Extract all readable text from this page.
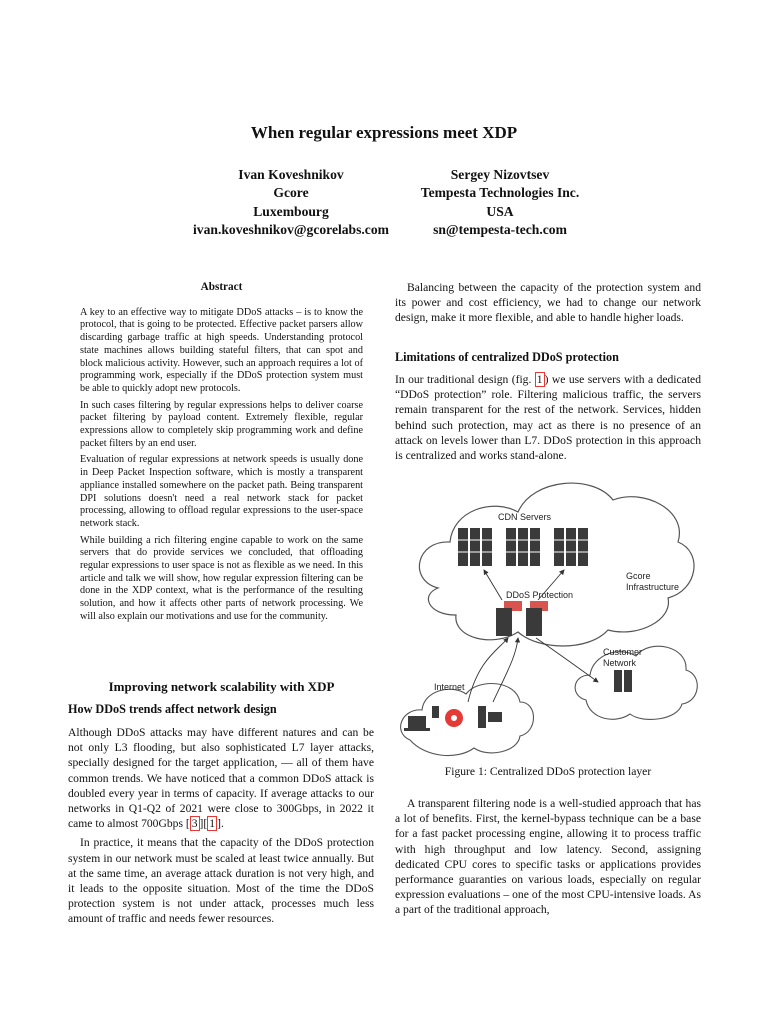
When regular expressions meet XDP
Ivan Koveshnikov
Gcore
Luxembourg
ivan.koveshnikov@gcorelabs.com
Sergey Nizovtsev
Tempesta Technologies Inc.
USA
sn@tempesta-tech.com
Abstract

A key to an effective way to mitigate DDoS attacks – is to know the protocol, that is going to be protected. Effective packet parsers allow discarding garbage traffic at high speeds. Understanding protocol state machines allows building stateful filters, that can spot and block malicious activity. However, such an approach requires a lot of programming work, especially if the DDoS protection system must be able to quickly adopt new protocols.

In such cases filtering by regular expressions helps to deliver coarse packet filtering by payload content. Extremely flexible, regular expressions allow to completely skip programming work and define packet filters by an end user.

Evaluation of regular expressions at network speeds is usually done in Deep Packet Inspection software, which is mostly a transparent appliance installed somewhere on the packet path. Being transparent DPI solutions doesn't need a real network stack for packet processing, allowing to offload regular expressions to the user-space network stack.

While building a rich filtering engine capable to work on the same servers that do provide services we concluded, that offloading regular expressions to user space is not as flexible as we need. In this article and talk we will show, how regular expression filtering can be done in the XDP context, what is the performance of the resulting solution, and how it affects other parts of network processing. We will also explain our motivations and use for the community.

Improving network scalability with XDP
How DDoS trends affect network design

Although DDoS attacks may have different natures and can be not only L3 flooding, but also sophisticated L7 layer attacks, specially designed for the target application, — all of them have common trends. We have noticed that a common DDoS attack is doubled every year in terms of capacity. If average attacks to our networks in Q1-Q2 of 2021 were close to 300Gbps, in 2022 it came to almost 700Gbps [ 3 ][ 1 ].

In practice, it means that the capacity of the DDoS protection system in our network must be scaled at least twice annually. But at the same time, an average attack duration is not very high, and it leads to the opposite situation. Most of the time the DDoS protection system is not under attack, processes much less amount of traffic and needs fewer resources.

Balancing between the capacity of the protection system and its power and cost efficiency, we had to change our network design, make it more flexible, and able to handle higher loads.

Limitations of centralized DDoS protection

In our traditional design (fig. 1 ) we use servers with a dedicated “DDoS protection” role. Filtering malicious traffic, the servers remain transparent for the rest of the network. Services, hidden behind such protection, may act as there is no presence of an attack on levels lower than L7. DDoS protection in this approach is centralized and works stand-alone.

CDN Servers
Gcore
Infrastructure
DDoS Protection
Customer
Network
Internet
Figure 1: Centralized DDoS protection layer

A transparent filtering node is a well-studied approach that has a lot of benefits. First, the kernel-bypass technique can be a base for a fast packet processing engine, allowing it to process traffic with high throughput and low latency. Second, assigning dedicated CPU cores to specific tasks or applications provides performance guaranties on various loads, especially on regular expression evaluations – one of the most CPU-intensive loads. As a part of the traditional approach,
